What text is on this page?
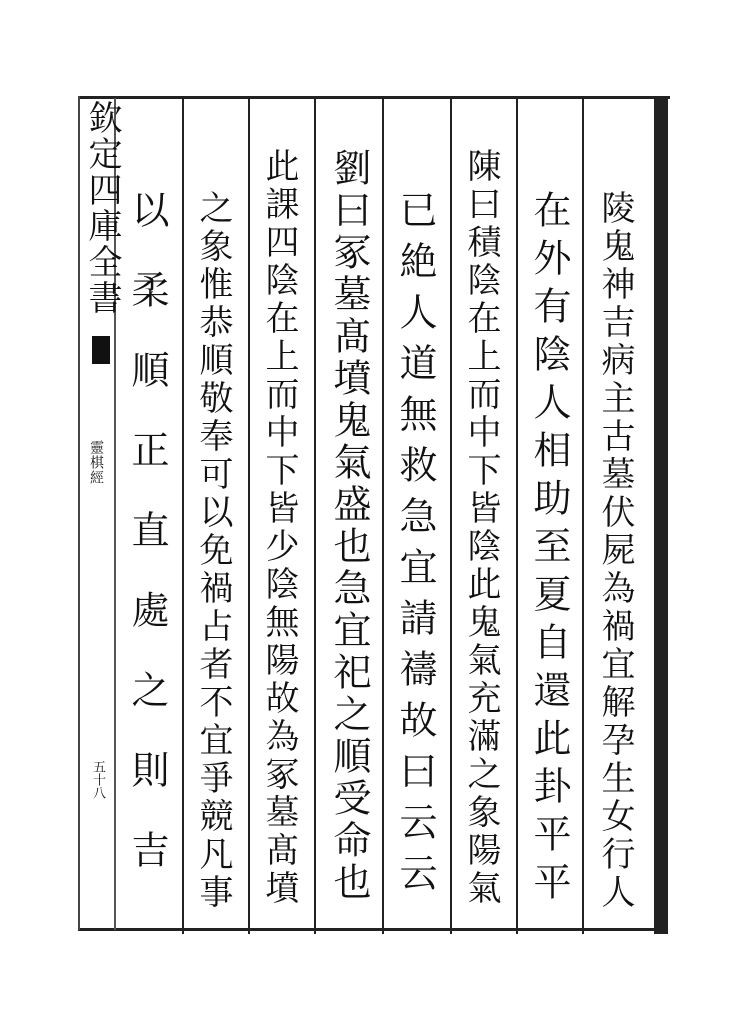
欽定四庫全書
靈棋經
五十八	陵鬼神吉病主古墓伏屍為禍宜解孕生女行人
在外有陰人相助至夏自還此卦平平
陳曰積陰在上而中下皆陰此鬼氣充滿之象陽氣
已絶人道無救急宜請禱故曰云云
劉曰冢墓髙墳鬼氣盛也急宜祀之順受命也
此課四陰在上而中下皆少陰無陽故為冢墓髙墳
之象惟恭順敬奉可以免禍占者不宜爭競凡事
以柔順正直處之則吉
